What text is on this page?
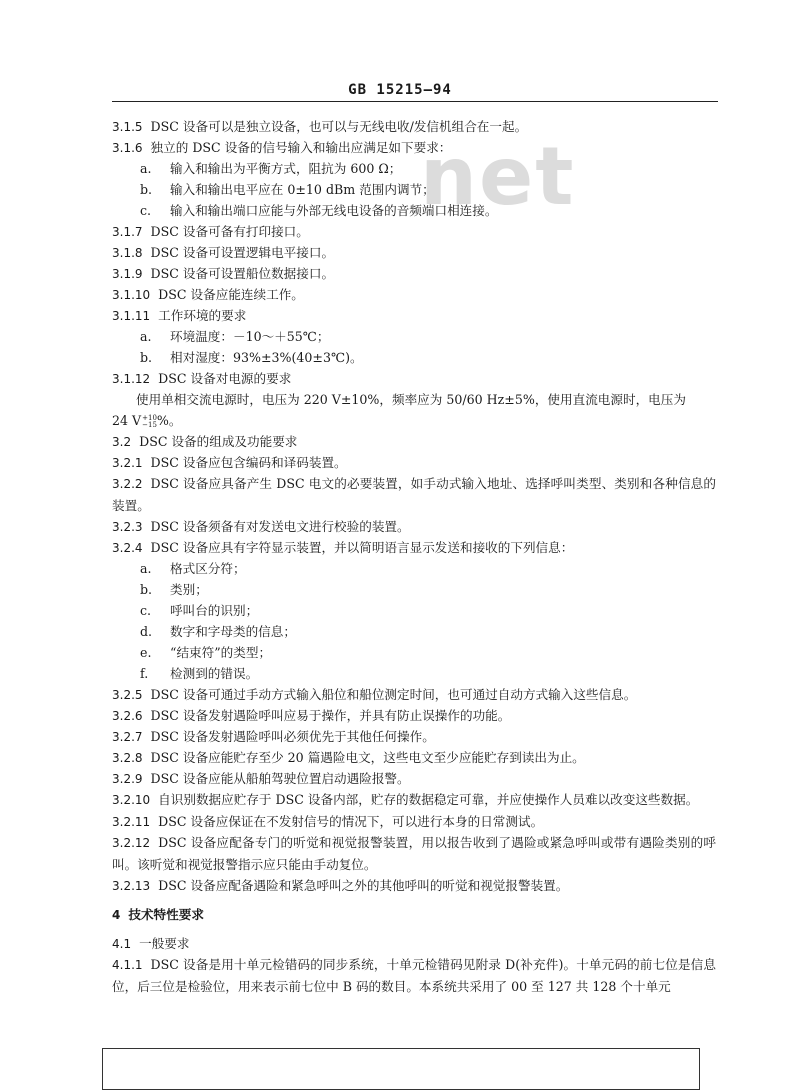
GB 15215—94
net
3.1.5 DSC 设备可以是独立设备，也可以与无线电收/发信机组合在一起。
3.1.6 独立的 DSC 设备的信号输入和输出应满足如下要求：
a. 输入和输出为平衡方式，阻抗为 600 Ω；
b. 输入和输出电平应在 0±10 dBm 范围内调节；
c. 输入和输出端口应能与外部无线电设备的音频端口相连接。
3.1.7 DSC 设备可备有打印接口。
3.1.8 DSC 设备可设置逻辑电平接口。
3.1.9 DSC 设备可设置船位数据接口。
3.1.10 DSC 设备应能连续工作。
3.1.11 工作环境的要求
a. 环境温度：－10～＋55℃；
b. 相对湿度：93%±3%(40±3℃)。
3.1.12 DSC 设备对电源的要求
使用单相交流电源时，电压为 220 V±10%，频率应为 50/60 Hz±5%，使用直流电源时，电压为
24 V +10
−15 %。
3.2 DSC 设备的组成及功能要求
3.2.1 DSC 设备应包含编码和译码装置。
3.2.2 DSC 设备应具备产生 DSC 电文的必要装置，如手动式输入地址、选择呼叫类型、类别和各种信息的装置。
3.2.3 DSC 设备须备有对发送电文进行校验的装置。
3.2.4 DSC 设备应具有字符显示装置，并以简明语言显示发送和接收的下列信息：
a. 格式区分符；
b. 类别；
c. 呼叫台的识别；
d. 数字和字母类的信息；
e. “结束符”的类型；
f. 检测到的错误。
3.2.5 DSC 设备可通过手动方式输入船位和船位测定时间，也可通过自动方式输入这些信息。
3.2.6 DSC 设备发射遇险呼叫应易于操作，并具有防止误操作的功能。
3.2.7 DSC 设备发射遇险呼叫必须优先于其他任何操作。
3.2.8 DSC 设备应能贮存至少 20 篇遇险电文，这些电文至少应能贮存到读出为止。
3.2.9 DSC 设备应能从船舶驾驶位置启动遇险报警。
3.2.10 自识别数据应贮存于 DSC 设备内部，贮存的数据稳定可靠，并应使操作人员难以改变这些数据。
3.2.11 DSC 设备应保证在不发射信号的情况下，可以进行本身的日常测试。
3.2.12 DSC 设备应配备专门的听觉和视觉报警装置，用以报告收到了遇险或紧急呼叫或带有遇险类别的呼叫。该听觉和视觉报警指示应只能由手动复位。
3.2.13 DSC 设备应配备遇险和紧急呼叫之外的其他呼叫的听觉和视觉报警装置。
4 技术特性要求
4.1 一般要求
4.1.1 DSC 设备是用十单元检错码的同步系统，十单元检错码见附录 D(补充件)。十单元码的前七位是信息位，后三位是检验位，用来表示前七位中 B 码的数目。本系统共采用了 00 至 127 共 128 个十单元
